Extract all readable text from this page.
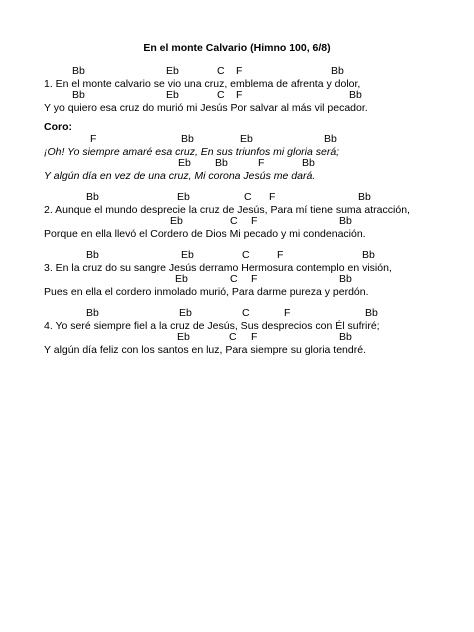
En el monte Calvario (Himno 100, 6/8)
Coro:
Bb	Eb	C F	Bb
1. En el monte calvario se vio una cruz, emblema de afrenta y dolor,
Bb	Eb	C F	Bb
Y yo quiero esa cruz do murió mi Jesús Por salvar al más vil pecador.
F	Bb	Eb	Bb
¡Oh! Yo siempre amaré esa cruz, En sus triunfos mi gloria será;
Eb Bb	F	Bb
Y algún día en vez de una cruz, Mi corona Jesús me dará.
Bb	Eb	C F	Bb
2. Aunque el mundo desprecie la cruz de Jesús, Para mí tiene suma atracción,
Eb	C F	Bb
Porque en ella llevó el Cordero de Dios Mi pecado y mi condenación.
Bb	Eb	C	F	Bb
3. En la cruz do su sangre Jesús derramo Hermosura contemplo en visión,
Eb	C F	Bb
Pues en ella el cordero inmolado murió, Para darme pureza y perdón.
Bb	Eb	C	F	Bb
4. Yo seré siempre fiel a la cruz de Jesús, Sus desprecios con Él sufriré;
Eb	C F	Bb
Y algún día feliz con los santos en luz, Para siempre su gloria tendré.
